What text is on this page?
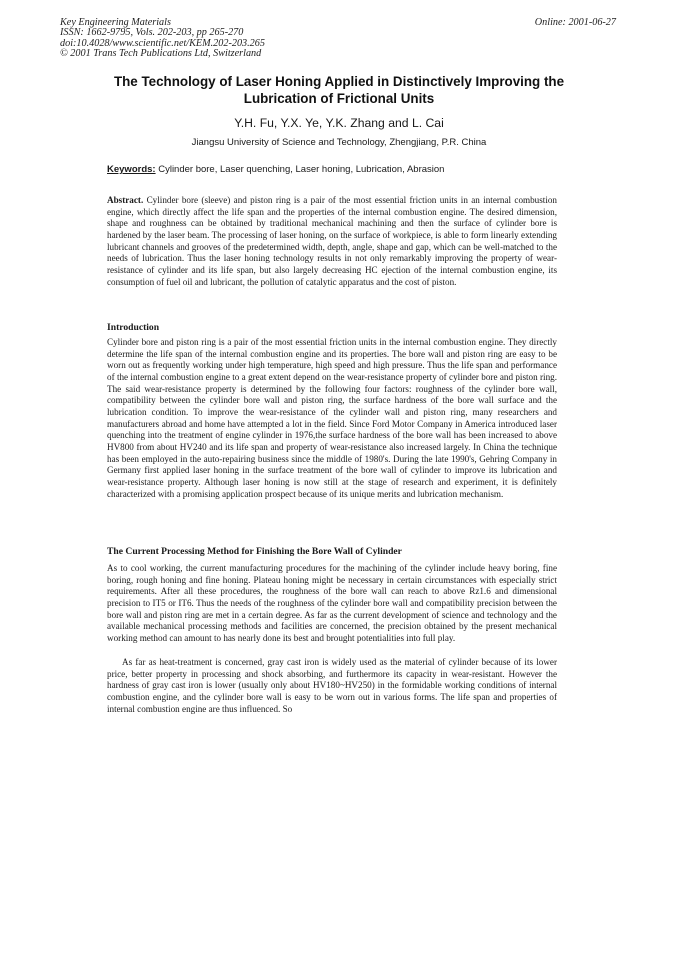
Key Engineering Materials
ISSN: 1662-9795, Vols. 202-203, pp 265-270
doi:10.4028/www.scientific.net/KEM.202-203.265
© 2001 Trans Tech Publications Ltd, Switzerland
Online: 2001-06-27
The Technology of Laser Honing Applied in Distinctively Improving the Lubrication of Frictional Units
Y.H. Fu, Y.X. Ye, Y.K. Zhang and L. Cai
Jiangsu University of Science and Technology, Zhengjiang, P.R. China
Keywords: Cylinder bore, Laser quenching, Laser honing, Lubrication, Abrasion
Abstract. Cylinder bore (sleeve) and piston ring is a pair of the most essential friction units in an internal combustion engine, which directly affect the life span and the properties of the internal combustion engine. The desired dimension, shape and roughness can be obtained by traditional mechanical machining and then the surface of cylinder bore is hardened by the laser beam. The processing of laser honing, on the surface of workpiece, is able to form linearly extending lubricant channels and grooves of the predetermined width, depth, angle, shape and gap, which can be well-matched to the needs of lubrication. Thus the laser honing technology results in not only remarkably improving the property of wear-resistance of cylinder and its life span, but also largely decreasing HC ejection of the internal combustion engine, its consumption of fuel oil and lubricant, the pollution of catalytic apparatus and the cost of piston.
Introduction
Cylinder bore and piston ring is a pair of the most essential friction units in the internal combustion engine. They directly determine the life span of the internal combustion engine and its properties. The bore wall and piston ring are easy to be worn out as frequently working under high temperature, high speed and high pressure. Thus the life span and performance of the internal combustion engine to a great extent depend on the wear-resistance property of cylinder bore and piston ring. The said wear-resistance property is determined by the following four factors: roughness of the cylinder bore wall, compatibility between the cylinder bore wall and piston ring, the surface hardness of the bore wall surface and the lubrication condition. To improve the wear-resistance of the cylinder wall and piston ring, many researchers and manufacturers abroad and home have attempted a lot in the field. Since Ford Motor Company in America introduced laser quenching into the treatment of engine cylinder in 1976,the surface hardness of the bore wall has been increased to above HV800 from about HV240 and its life span and property of wear-resistance also increased largely. In China the technique has been employed in the auto-repairing business since the middle of 1980's. During the late 1990's, Gehring Company in Germany first applied laser honing in the surface treatment of the bore wall of cylinder to improve its lubrication and wear-resistance property. Although laser honing is now still at the stage of research and experiment, it is definitely characterized with a promising application prospect because of its unique merits and lubrication mechanism.
The Current Processing Method for Finishing the Bore Wall of Cylinder
As to cool working, the current manufacturing procedures for the machining of the cylinder include heavy boring, fine boring, rough honing and fine honing. Plateau honing might be necessary in certain circumstances with especially strict requirements. After all these procedures, the roughness of the bore wall can reach to above Rz1.6 and dimensional precision to IT5 or IT6. Thus the needs of the roughness of the cylinder bore wall and compatibility precision between the bore wall and piston ring are met in a certain degree. As far as the current development of science and technology and the available mechanical processing methods and facilities are concerned, the precision obtained by the present mechanical working method can amount to has nearly done its best and brought potentialities into full play.
As far as heat-treatment is concerned, gray cast iron is widely used as the material of cylinder because of its lower price, better property in processing and shock absorbing, and furthermore its capacity in wear-resistant. However the hardness of gray cast iron is lower (usually only about HV180~HV250) in the formidable working conditions of internal combustion engine, and the cylinder bore wall is easy to be worn out in various forms. The life span and properties of internal combustion engine are thus influenced. So
